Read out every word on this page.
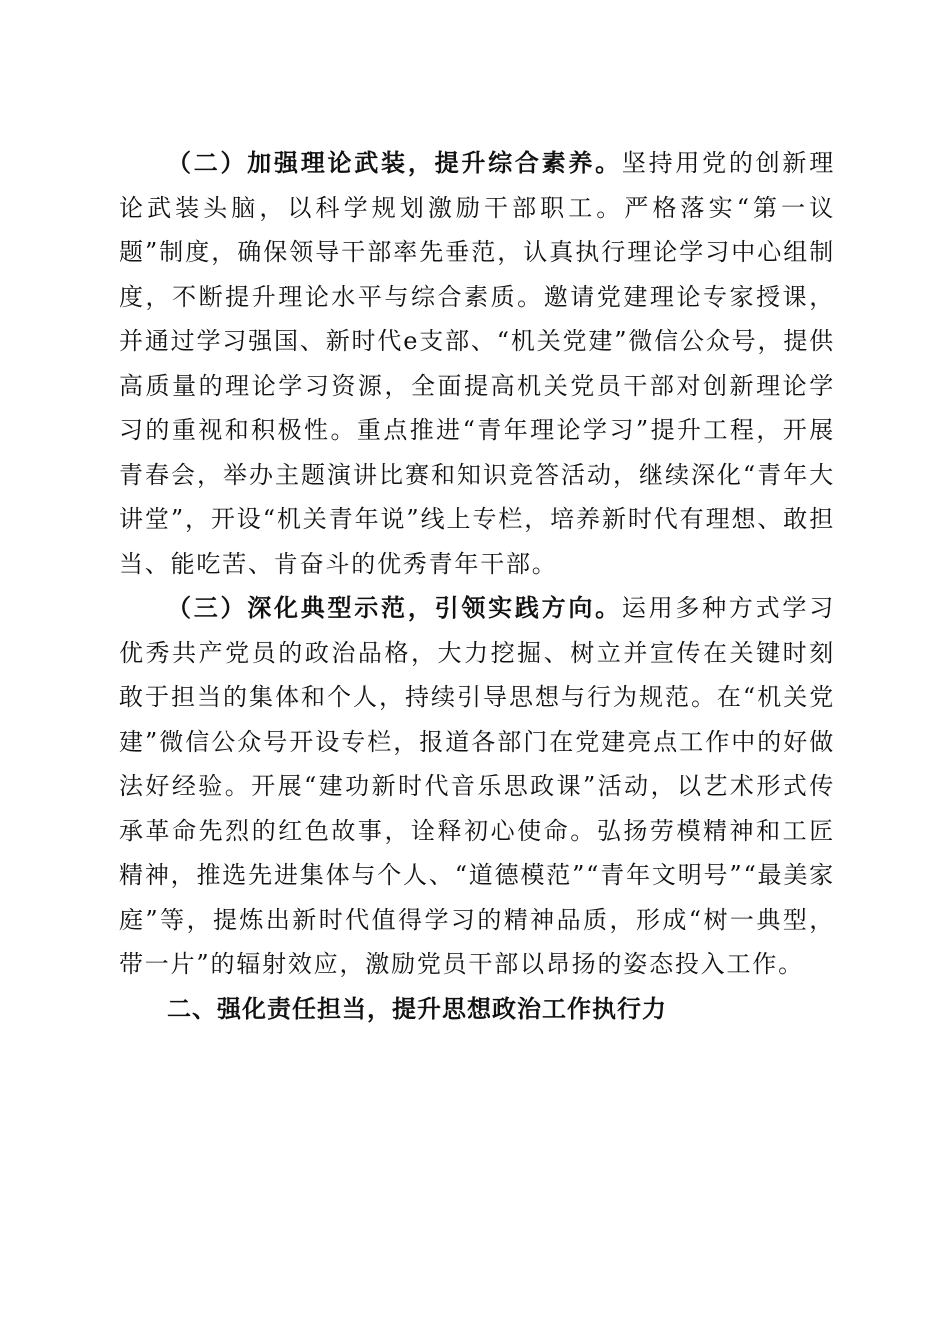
（二）加强理论武装，提升综合素养。坚持用党的创新理论武装头脑，以科学规划激励干部职工。严格落实“第一议题”制度，确保领导干部率先垂范，认真执行理论学习中心组制度，不断提升理论水平与综合素质。邀请党建理论专家授课，并通过学习强国、新时代e支部、“机关党建”微信公众号，提供高质量的理论学习资源，全面提高机关党员干部对创新理论学习的重视和积极性。重点推进“青年理论学习”提升工程，开展青春会，举办主题演讲比赛和知识竞答活动，继续深化“青年大讲堂”，开设“机关青年说”线上专栏，培养新时代有理想、敢担当、能吃苦、肯奋斗的优秀青年干部。

（三）深化典型示范，引领实践方向。运用多种方式学习优秀共产党员的政治品格，大力挖掘、树立并宣传在关键时刻敢于担当的集体和个人，持续引导思想与行为规范。在“机关党建”微信公众号开设专栏，报道各部门在党建亮点工作中的好做法好经验。开展“建功新时代音乐思政课”活动，以艺术形式传承革命先烈的红色故事，诠释初心使命。弘扬劳模精神和工匠精神，推选先进集体与个人、“道德模范”“青年文明号”“最美家庭”等，提炼出新时代值得学习的精神品质，形成“树一典型，带一片”的辐射效应，激励党员干部以昂扬的姿态投入工作。

二、强化责任担当，提升思想政治工作执行力
